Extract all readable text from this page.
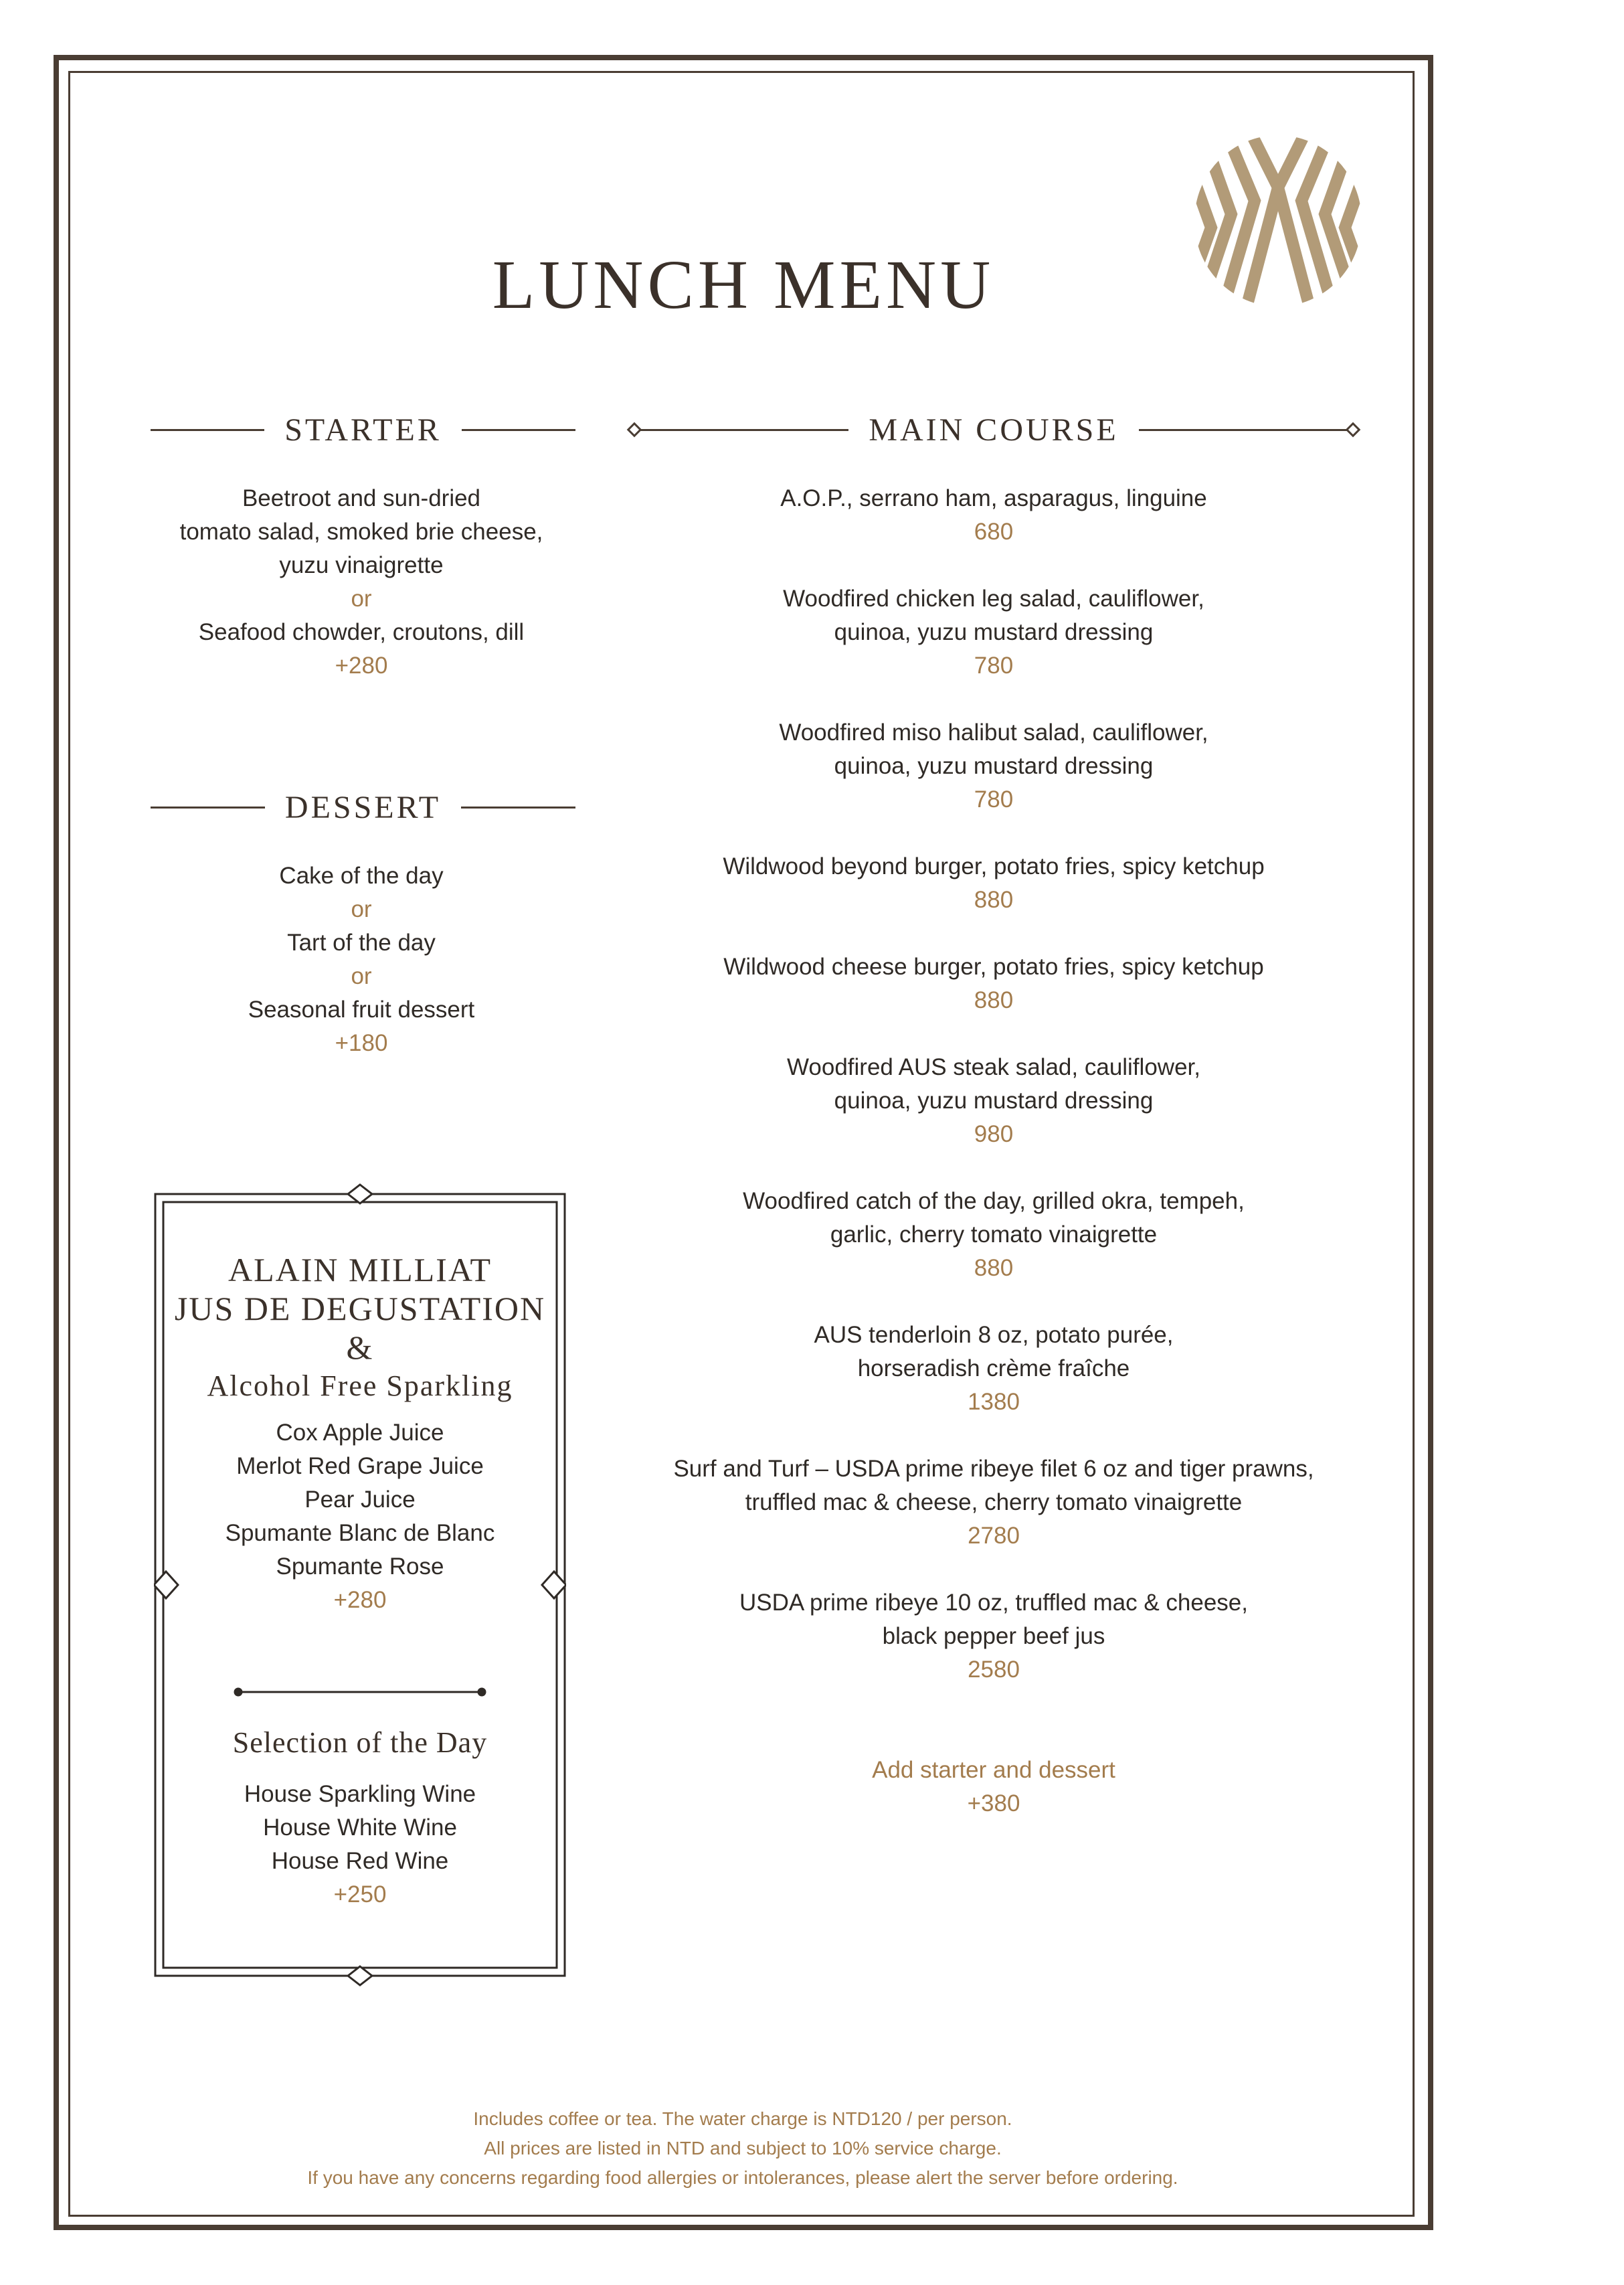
LUNCH MENU
STARTER
Beetroot and sun-dried
tomato salad, smoked brie cheese,
yuzu vinaigrette
or
Seafood chowder, croutons, dill
+280
DESSERT
Cake of the day
or
Tart of the day
or
Seasonal fruit dessert
+180
ALAIN MILLIAT
JUS DE DEGUSTATION
&
Alcohol Free Sparkling
Cox Apple Juice
Merlot Red Grape Juice
Pear Juice
Spumante Blanc de Blanc
Spumante Rose
+280
Selection of the Day
House Sparkling Wine
House White Wine
House Red Wine
+250
MAIN COURSE
A.O.P., serrano ham, asparagus, linguine
680
Woodfired chicken leg salad, cauliflower,
quinoa, yuzu mustard dressing
780
Woodfired miso halibut salad, cauliflower,
quinoa, yuzu mustard dressing
780
Wildwood beyond burger, potato fries, spicy ketchup
880
Wildwood cheese burger, potato fries, spicy ketchup
880
Woodfired AUS steak salad, cauliflower,
quinoa, yuzu mustard dressing
980
Woodfired catch of the day, grilled okra, tempeh,
garlic, cherry tomato vinaigrette
880
AUS tenderloin 8 oz, potato purée,
horseradish crème fraîche
1380
Surf and Turf – USDA prime ribeye filet 6 oz and tiger prawns,
truffled mac & cheese, cherry tomato vinaigrette
2780
USDA prime ribeye 10 oz, truffled mac & cheese,
black pepper beef jus
2580
Add starter and dessert
+380
Includes coffee or tea. The water charge is NTD120 / per person.
All prices are listed in NTD and subject to 10% service charge.
If you have any concerns regarding food allergies or intolerances, please alert the server before ordering.
